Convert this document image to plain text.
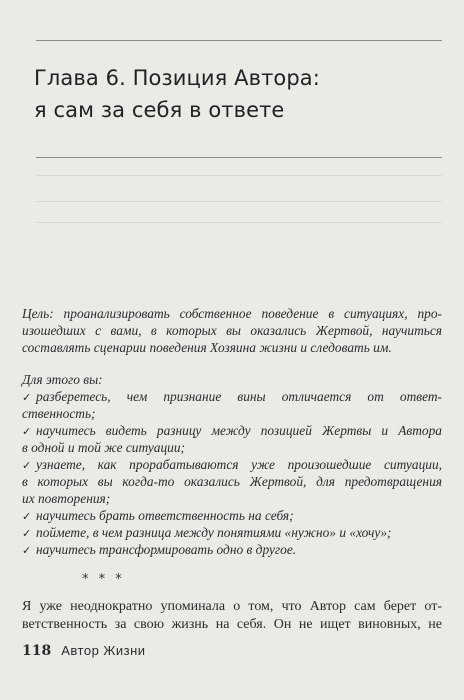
Глава 6. Позиция Автора:
я сам за себя в ответе
Цель: проанализировать собственное поведение в ситуациях, про-
изошедших с вами, в которых вы оказались Жертвой, научиться
составлять сценарии поведения Хозяина жизни и следовать им.
Для этого вы:
✓ разберетесь, чем признание вины отличается от ответ-
ственность;
✓ научитесь видеть разницу между позицией Жертвы и Автора
в одной и той же ситуации;
✓ узнаете, как прорабатываются уже произошедшие ситуации,
в которых вы когда-то оказались Жертвой, для предотвращения
их повторения;
✓ научитесь брать ответственность на себя;
✓ поймете, в чем разница между понятиями «нужно» и «хочу»;
✓ научитесь трансформировать одно в другое.
* * *
Я уже неоднократно упоминала о том, что Автор сам берет от-
ветственность за свою жизнь на себя. Он не ищет виновных, не
118 Автор Жизни
